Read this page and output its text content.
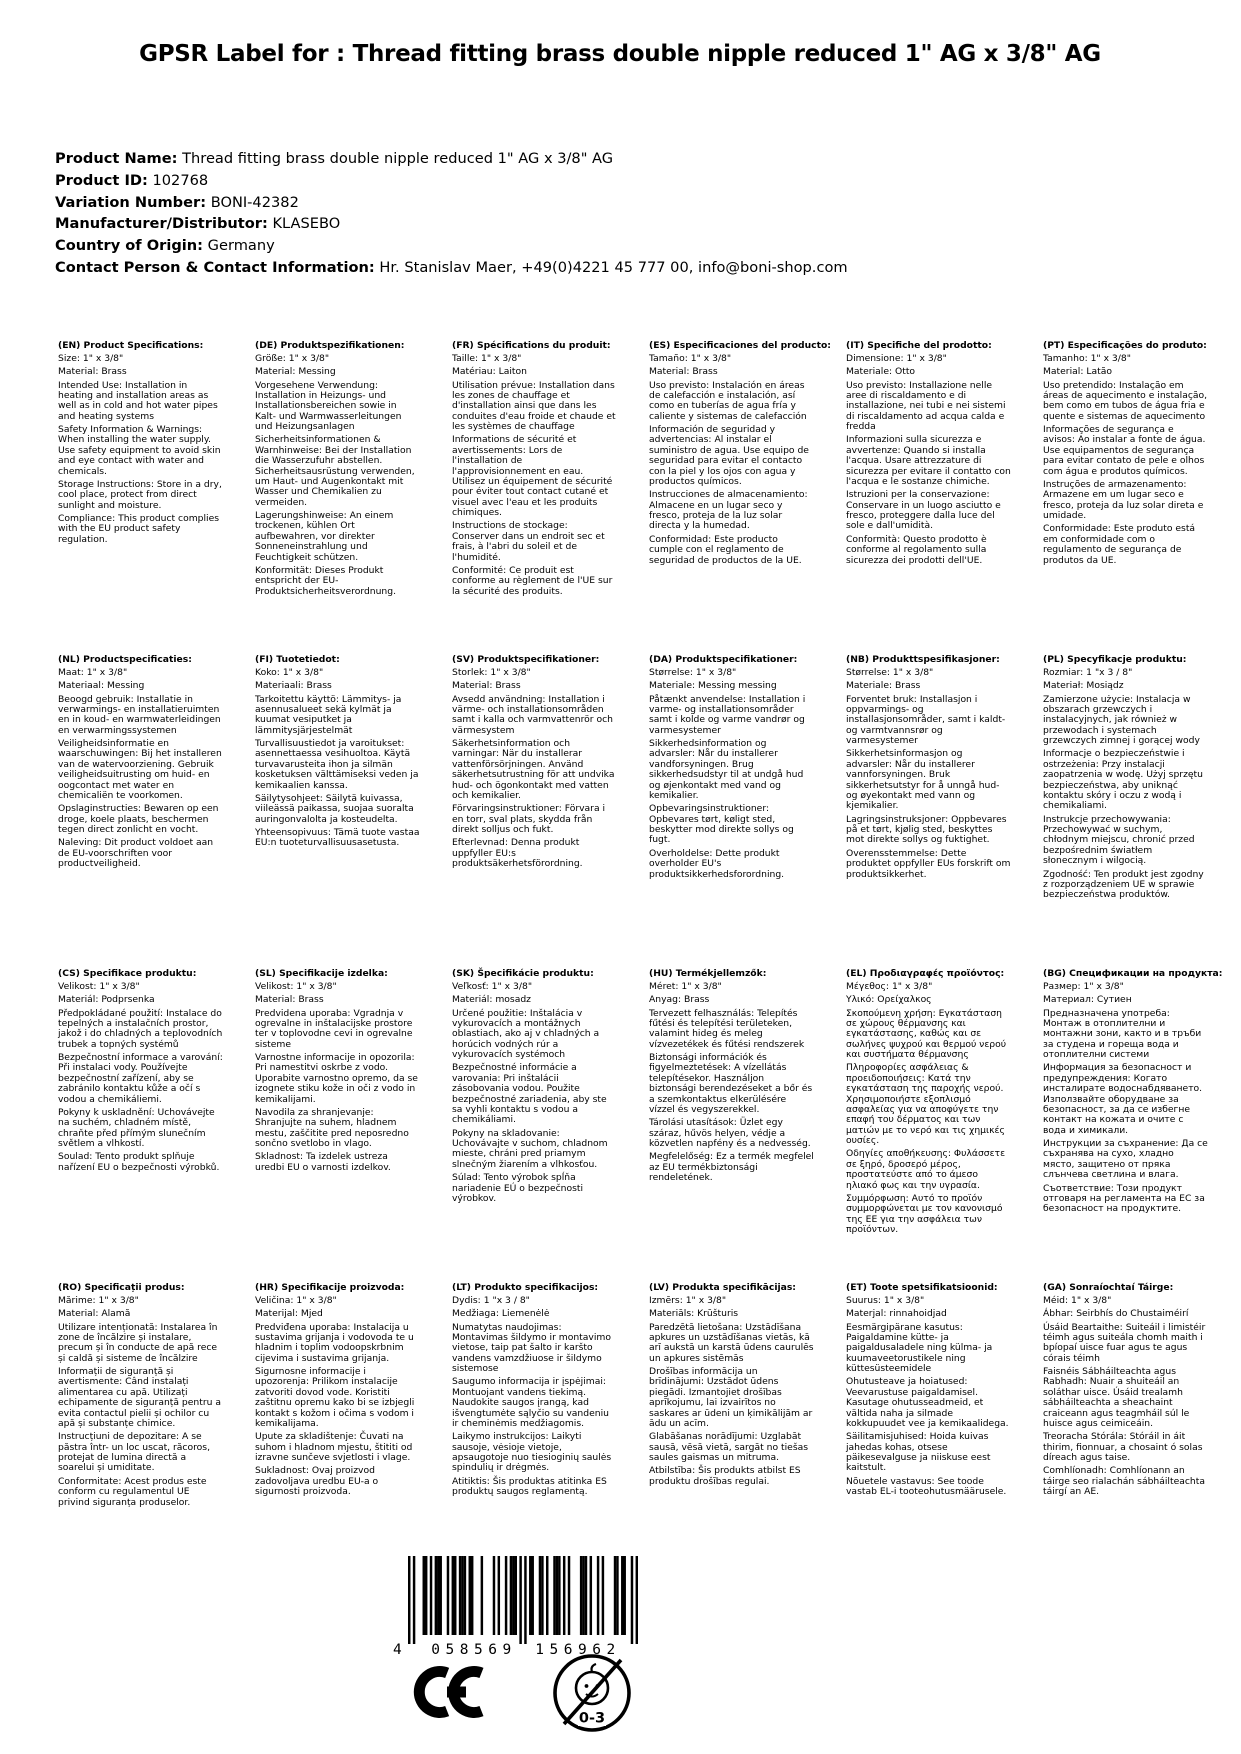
GPSR Label for : Thread fitting brass double nipple reduced 1" AG x 3/8" AG
Product Name: Thread fitting brass double nipple reduced 1" AG x 3/8" AG
Product ID: 102768
Variation Number: BONI-42382
Manufacturer/Distributor: KLASEBO
Country of Origin: Germany
Contact Person & Contact Information: Hr. Stanislav Maer, +49(0)4221 45 777 00, info@boni-shop.com
(EN) Product Specifications:

Size: 1" x 3/8"

Material: Brass

Intended Use: Installation in heating and installation areas as well as in cold and hot water pipes and heating systems

Safety Information & Warnings: When installing the water supply. Use safety equipment to avoid skin and eye contact with water and chemicals.

Storage Instructions: Store in a dry, cool place, protect from direct sunlight and moisture.

Compliance: This product complies with the EU product safety regulation.

(DE) Produktspezifikationen:

Größe: 1" x 3/8"

Material: Messing

Vorgesehene Verwendung: Installation in Heizungs- und Installationsbereichen sowie in Kalt- und Warmwasserleitungen und Heizungsanlagen

Sicherheitsinformationen & Warnhinweise: Bei der Installation die Wasserzufuhr abstellen. Sicherheitsausrüstung verwenden, um Haut- und Augenkontakt mit Wasser und Chemikalien zu vermeiden.

Lagerungshinweise: An einem trockenen, kühlen Ort aufbewahren, vor direkter Sonneneinstrahlung und Feuchtigkeit schützen.

Konformität: Dieses Produkt entspricht der EU-Produktsicherheitsverordnung.

(FR) Spécifications du produit:

Taille: 1" x 3/8"

Matériau: Laiton

Utilisation prévue: Installation dans les zones de chauffage et d'installation ainsi que dans les conduites d'eau froide et chaude et les systèmes de chauffage

Informations de sécurité et avertissements: Lors de l'installation de l'approvisionnement en eau. Utilisez un équipement de sécurité pour éviter tout contact cutané et visuel avec l'eau et les produits chimiques.

Instructions de stockage: Conserver dans un endroit sec et frais, à l'abri du soleil et de l'humidité.

Conformité: Ce produit est conforme au règlement de l'UE sur la sécurité des produits.

(ES) Especificaciones del producto:

Tamaño: 1" x 3/8"

Material: Brass

Uso previsto: Instalación en áreas de calefacción e instalación, así como en tuberías de agua fría y caliente y sistemas de calefacción

Información de seguridad y advertencias: Al instalar el suministro de agua. Use equipo de seguridad para evitar el contacto con la piel y los ojos con agua y productos químicos.

Instrucciones de almacenamiento: Almacene en un lugar seco y fresco, proteja de la luz solar directa y la humedad.

Conformidad: Este producto cumple con el reglamento de seguridad de productos de la UE.

(IT) Specifiche del prodotto:

Dimensione: 1" x 3/8"

Materiale: Otto

Uso previsto: Installazione nelle aree di riscaldamento e di installazione, nei tubi e nei sistemi di riscaldamento ad acqua calda e fredda

Informazioni sulla sicurezza e avvertenze: Quando si installa l'acqua. Usare attrezzature di sicurezza per evitare il contatto con l'acqua e le sostanze chimiche.

Istruzioni per la conservazione: Conservare in un luogo asciutto e fresco, proteggere dalla luce del sole e dall'umidità.

Conformità: Questo prodotto è conforme al regolamento sulla sicurezza dei prodotti dell'UE.

(PT) Especificações do produto:

Tamanho: 1" x 3/8"

Material: Latão

Uso pretendido: Instalação em áreas de aquecimento e instalação, bem como em tubos de água fria e quente e sistemas de aquecimento

Informações de segurança e avisos: Ao instalar a fonte de água. Use equipamentos de segurança para evitar contato de pele e olhos com água e produtos químicos.

Instruções de armazenamento: Armazene em um lugar seco e fresco, proteja da luz solar direta e umidade.

Conformidade: Este produto está em conformidade com o regulamento de segurança de produtos da UE.

(NL) Productspecificaties:

Maat: 1" x 3/8"

Materiaal: Messing

Beoogd gebruik: Installatie in verwarmings- en installatieruimten en in koud- en warmwaterleidingen en verwarmingssystemen

Veiligheidsinformatie en waarschuwingen: Bij het installeren van de watervoorziening. Gebruik veiligheidsuitrusting om huid- en oogcontact met water en chemicaliën te voorkomen.

Opslaginstructies: Bewaren op een droge, koele plaats, beschermen tegen direct zonlicht en vocht.

Naleving: Dit product voldoet aan de EU-voorschriften voor productveiligheid.

(FI) Tuotetiedot:

Koko: 1" x 3/8"

Materiaali: Brass

Tarkoitettu käyttö: Lämmitys- ja asennusalueet sekä kylmät ja kuumat vesiputket ja lämmitysjärjestelmät

Turvallisuustiedot ja varoitukset: asennettaessa vesihuoltoa. Käytä turvavarusteita ihon ja silmän kosketuksen välttämiseksi veden ja kemikaalien kanssa.

Säilytysohjeet: Säilytä kuivassa, viileässä paikassa, suojaa suoralta auringonvalolta ja kosteudelta.

Yhteensopivuus: Tämä tuote vastaa EU:n tuoteturvallisuusasetusta.

(SV) Produktspecifikationer:

Storlek: 1" x 3/8"

Material: Brass

Avsedd användning: Installation i värme- och installationsområden samt i kalla och varmvattenrör och värmesystem

Säkerhetsinformation och varningar: När du installerar vattenförsörjningen. Använd säkerhetsutrustning för att undvika hud- och ögonkontakt med vatten och kemikalier.

Förvaringsinstruktioner: Förvara i en torr, sval plats, skydda från direkt solljus och fukt.

Efterlevnad: Denna produkt uppfyller EU:s produktsäkerhetsförordning.

(DA) Produktspecifikationer:

Størrelse: 1" x 3/8"

Materiale: Messing messing

Påtænkt anvendelse: Installation i varme- og installationsområder samt i kolde og varme vandrør og varmesystemer

Sikkerhedsinformation og advarsler: Når du installerer vandforsyningen. Brug sikkerhedsudstyr til at undgå hud og øjenkontakt med vand og kemikalier.

Opbevaringsinstruktioner: Opbevares tørt, køligt sted, beskytter mod direkte sollys og fugt.

Overholdelse: Dette produkt overholder EU's produktsikkerhedsforordning.

(NB) Produkttspesifikasjoner:

Størrelse: 1" x 3/8"

Materiale: Brass

Forventet bruk: Installasjon i oppvarmings- og installasjonsområder, samt i kaldt- og varmtvannsrør og varmesystemer

Sikkerhetsinformasjon og advarsler: Når du installerer vannforsyningen. Bruk sikkerhetsutstyr for å unngå hud- og øyekontakt med vann og kjemikalier.

Lagringsinstruksjoner: Oppbevares på et tørt, kjølig sted, beskyttes mot direkte sollys og fuktighet.

Overensstemmelse: Dette produktet oppfyller EUs forskrift om produktsikkerhet.

(PL) Specyfikacje produktu:

Rozmiar: 1 "x 3 / 8"

Materiał: Mosiądz

Zamierzone użycie: Instalacja w obszarach grzewczych i instalacyjnych, jak również w przewodach i systemach grzewczych zimnej i gorącej wody

Informacje o bezpieczeństwie i ostrzeżenia: Przy instalacji zaopatrzenia w wodę. Użyj sprzętu bezpieczeństwa, aby uniknąć kontaktu skóry i oczu z wodą i chemikaliami.

Instrukcje przechowywania: Przechowywać w suchym, chłodnym miejscu, chronić przed bezpośrednim światłem słonecznym i wilgocią.

Zgodność: Ten produkt jest zgodny z rozporządzeniem UE w sprawie bezpieczeństwa produktów.

(CS) Specifikace produktu:

Velikost: 1" x 3/8"

Materiál: Podprsenka

Předpokládané použití: Instalace do tepelných a instalačních prostor, jakož i do chladných a teplovodních trubek a topných systémů

Bezpečnostní informace a varování: Při instalaci vody. Používejte bezpečnostní zařízení, aby se zabránilo kontaktu kůže a očí s vodou a chemikáliemi.

Pokyny k uskladnění: Uchovávejte na suchém, chladném místě, chraňte před přímým slunečním světlem a vlhkostí.

Soulad: Tento produkt splňuje nařízení EU o bezpečnosti výrobků.

(SL) Specifikacije izdelka:

Velikost: 1" x 3/8"

Material: Brass

Predvidena uporaba: Vgradnja v ogrevalne in inštalacijske prostore ter v toplovodne cevi in ogrevalne sisteme

Varnostne informacije in opozorila: Pri namestitvi oskrbe z vodo. Uporabite varnostno opremo, da se izognete stiku kože in oči z vodo in kemikalijami.

Navodila za shranjevanje: Shranjujte na suhem, hladnem mestu, zaščitite pred neposredno sončno svetlobo in vlago.

Skladnost: Ta izdelek ustreza uredbi EU o varnosti izdelkov.

(SK) Špecifikácie produktu:

Veľkosť: 1" x 3/8"

Materiál: mosadz

Určené použitie: Inštalácia v vykurovacích a montážnych oblastiach, ako aj v chladných a horúcich vodných rúr a vykurovacích systémoch

Bezpečnostné informácie a varovania: Pri inštalácii zásobovania vodou. Použite bezpečnostné zariadenia, aby ste sa vyhli kontaktu s vodou a chemikáliami.

Pokyny na skladovanie: Uchovávajte v suchom, chladnom mieste, chráni pred priamym slnečným žiarením a vlhkosťou.

Súlad: Tento výrobok spĺňa nariadenie EÚ o bezpečnosti výrobkov.

(HU) Termékjellemzők:

Méret: 1" x 3/8"

Anyag: Brass

Tervezett felhasználás: Telepítés fűtési és telepítési területeken, valamint hideg és meleg vízvezetékek és fűtési rendszerek

Biztonsági információk és figyelmeztetések: A vízellátás telepítésekor. Használjon biztonsági berendezéseket a bőr és a szemkontaktus elkerülésére vízzel és vegyszerekkel.

Tárolási utasítások: Üzlet egy száraz, hűvös helyen, védje a közvetlen napfény és a nedvesség.

Megfelelőség: Ez a termék megfelel az EU termékbiztonsági rendeletének.

(EL) Προδιαγραφές προϊόντος:

Μέγεθος: 1" x 3/8"

Υλικό: Ορείχαλκος

Σκοπούμενη χρήση: Εγκατάσταση σε χώρους θέρμανσης και εγκατάστασης, καθώς και σε σωλήνες ψυχρού και θερμού νερού και συστήματα θέρμανσης

Πληροφορίες ασφάλειας & προειδοποιήσεις: Κατά την εγκατάσταση της παροχής νερού. Χρησιμοποιήστε εξοπλισμό ασφαλείας για να αποφύγετε την επαφή του δέρματος και των ματιών με το νερό και τις χημικές ουσίες.

Οδηγίες αποθήκευσης: Φυλάσσετε σε ξηρό, δροσερό μέρος, προστατεύστε από το άμεσο ηλιακό φως και την υγρασία.

Συμμόρφωση: Αυτό το προϊόν συμμορφώνεται με τον κανονισμό της ΕΕ για την ασφάλεια των προϊόντων.

(BG) Спецификации на продукта:

Размер: 1" x 3/8"

Материал: Сутиен

Предназначена употреба: Монтаж в отоплителни и монтажни зони, както и в тръби за студена и гореща вода и отоплителни системи

Информация за безопасност и предупреждения: Когато инсталирате водоснабдяването. Използвайте оборудване за безопасност, за да се избегне контакт на кожата и очите с вода и химикали.

Инструкции за съхранение: Да се съхранява на сухо, хладно място, защитено от пряка слънчева светлина и влага.

Съответствие: Този продукт отговаря на регламента на ЕС за безопасност на продуктите.

(RO) Specificații produs:

Mărime: 1" x 3/8"

Material: Alamă

Utilizare intenționată: Instalarea în zone de încălzire și instalare, precum și în conducte de apă rece și caldă și sisteme de încălzire

Informații de siguranță și avertismente: Când instalați alimentarea cu apă. Utilizați echipamente de siguranță pentru a evita contactul pielii și ochilor cu apă și substanțe chimice.

Instrucțiuni de depozitare: A se păstra într- un loc uscat, răcoros, protejat de lumina directă a soarelui și umiditate.

Conformitate: Acest produs este conform cu regulamentul UE privind siguranța produselor.

(HR) Specifikacije proizvoda:

Veličina: 1" x 3/8"

Materijal: Mjed

Predviđena uporaba: Instalacija u sustavima grijanja i vodovoda te u hladnim i toplim vodoopskrbnim cijevima i sustavima grijanja.

Sigurnosne informacije i upozorenja: Prilikom instalacije zatvoriti dovod vode. Koristiti zaštitnu opremu kako bi se izbjegli kontakt s kožom i očima s vodom i kemikalijama.

Upute za skladištenje: Čuvati na suhom i hladnom mjestu, štititi od izravne sunčeve svjetlosti i vlage.

Sukladnost: Ovaj proizvod zadovoljava uredbu EU-a o sigurnosti proizvoda.

(LT) Produkto specifikacijos:

Dydis: 1 "x 3 / 8"

Medžiaga: Liemenėlė

Numatytas naudojimas: Montavimas šildymo ir montavimo vietose, taip pat šalto ir karšto vandens vamzdžiuose ir šildymo sistemose

Saugumo informacija ir įspėjimai: Montuojant vandens tiekimą. Naudokite saugos įrangą, kad išvengtumėte sąlyčio su vandeniu ir cheminėmis medžiagomis.

Laikymo instrukcijos: Laikyti sausoje, vėsioje vietoje, apsaugotoje nuo tiesioginių saulės spindulių ir drėgmės.

Atitiktis: Šis produktas atitinka ES produktų saugos reglamentą.

(LV) Produkta specifikācijas:

Izmērs: 1" x 3/8"

Materiāls: Krūšturis

Paredzētā lietošana: Uzstādīšana apkures un uzstādīšanas vietās, kā arī aukstā un karstā ūdens caurulēs un apkures sistēmās

Drošības informācija un brīdinājumi: Uzstādot ūdens piegādi. Izmantojiet drošības aprīkojumu, lai izvairītos no saskares ar ūdeni un ķimikālijām ar ādu un acīm.

Glabāšanas norādījumi: Uzglabāt sausā, vēsā vietā, sargāt no tiešas saules gaismas un mitruma.

Atbilstība: Šis produkts atbilst ES produktu drošības regulai.

(ET) Toote spetsifikatsioonid:

Suurus: 1" x 3/8"

Materjal: rinnahoidjad

Eesmärgipärane kasutus: Paigaldamine kütte- ja paigaldusaladele ning külma- ja kuumaveetorustikele ning küttesüsteemidele

Ohutusteave ja hoiatused: Veevarustuse paigaldamisel. Kasutage ohutusseadmeid, et vältida naha ja silmade kokkupuudet vee ja kemikaalidega.

Säilitamisjuhised: Hoida kuivas jahedas kohas, otsese päikesevalguse ja niiskuse eest kaitstult.

Nõuetele vastavus: See toode vastab EL-i tooteohutusmäärusele.

(GA) Sonraíochtaí Táirge:

Méid: 1" x 3/8"

Ábhar: Seirbhís do Chustaiméirí

Úsáid Beartaithe: Suiteáil i limistéir téimh agus suiteála chomh maith i bpíopaí uisce fuar agus te agus córais téimh

Faisnéis Sábháilteachta agus Rabhadh: Nuair a shuiteáil an soláthar uisce. Úsáid trealamh sábháilteachta a sheachaint craiceann agus teagmháil súl le huisce agus ceimiceáin.

Treoracha Stórála: Stóráil in áit thirim, fionnuar, a chosaint ó solas díreach agus taise.

Comhlíonadh: Comhlíonann an táirge seo rialachán sábháilteachta táirgí an AE.

4	058569	156962
0-3
